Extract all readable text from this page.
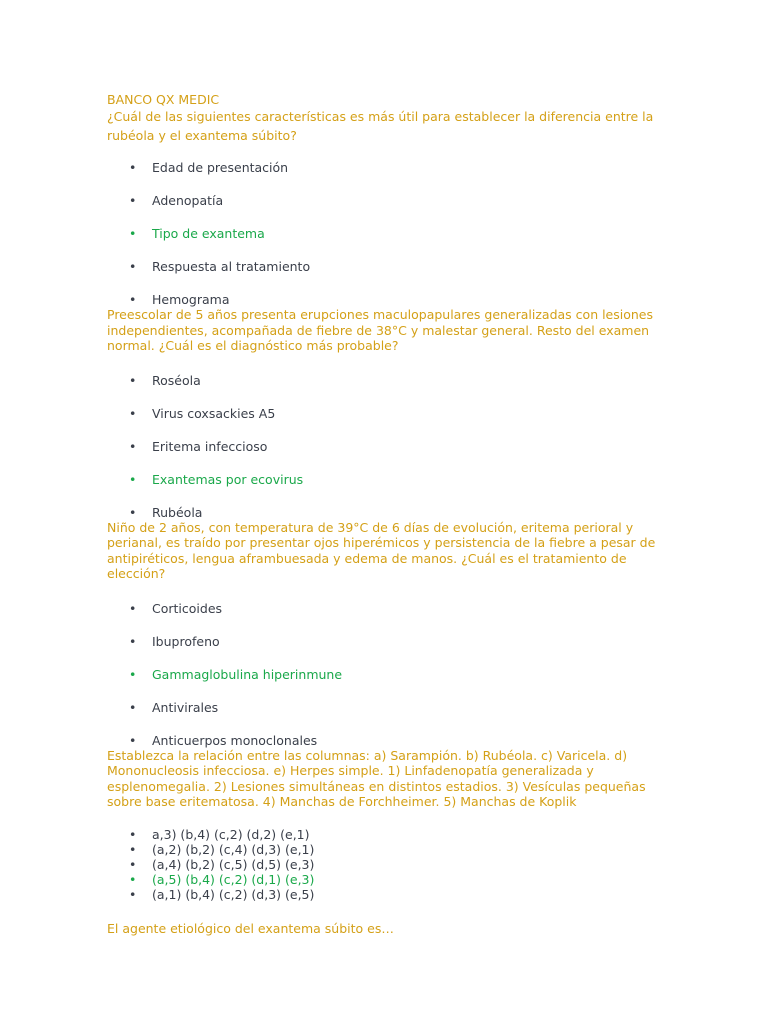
BANCO QX MEDIC
¿Cuál de las siguientes características es más útil para establecer la diferencia entre la rubéola y el exantema súbito?
• Edad de presentación
• Adenopatía
• Tipo de exantema
• Respuesta al tratamiento
• Hemograma
Preescolar de 5 años presenta erupciones maculopapulares generalizadas con lesiones independientes, acompañada de fiebre de 38°C y malestar general. Resto del examen normal. ¿Cuál es el diagnóstico más probable?
• Roséola
• Virus coxsackies A5
• Eritema infeccioso
• Exantemas por ecovirus
• Rubéola
Niño de 2 años, con temperatura de 39°C de 6 días de evolución, eritema perioral y perianal, es traído por presentar ojos hiperémicos y persistencia de la fiebre a pesar de antipiréticos, lengua aframbuesada y edema de manos. ¿Cuál es el tratamiento de elección?
• Corticoides
• Ibuprofeno
• Gammaglobulina hiperinmune
• Antivirales
• Anticuerpos monoclonales
Establezca la relación entre las columnas: a) Sarampión. b) Rubéola. c) Varicela. d) Mononucleosis infecciosa. e) Herpes simple. 1) Linfadenopatía generalizada y esplenomegalia. 2) Lesiones simultáneas en distintos estadios. 3) Vesículas pequeñas sobre base eritematosa. 4) Manchas de Forchheimer. 5) Manchas de Koplik
• a,3) (b,4) (c,2) (d,2) (e,1)
• (a,2) (b,2) (c,4) (d,3) (e,1)
• (a,4) (b,2) (c,5) (d,5) (e,3)
• (a,5) (b,4) (c,2) (d,1) (e,3)
• (a,1) (b,4) (c,2) (d,3) (e,5)
El agente etiológico del exantema súbito es…
